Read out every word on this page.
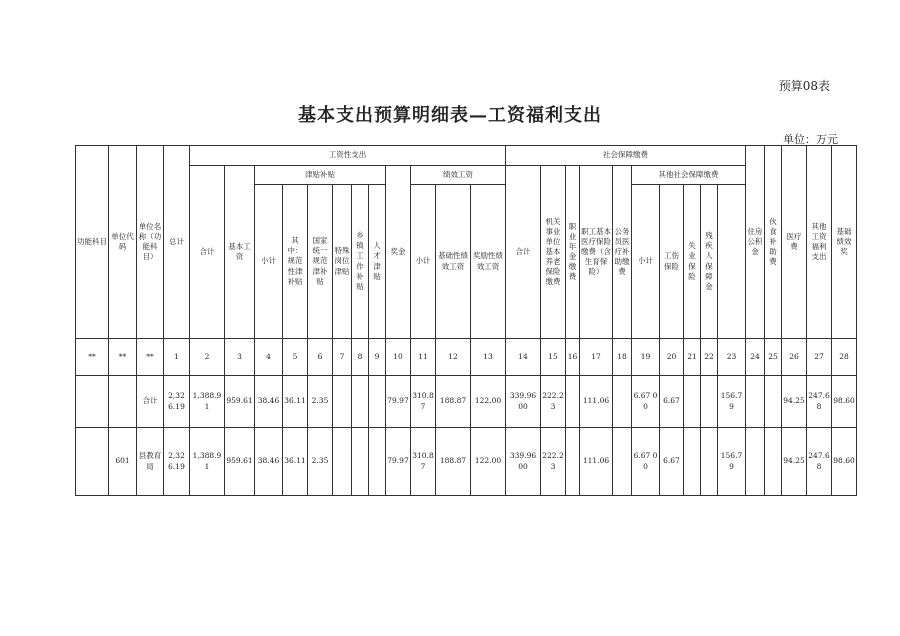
预算08表
基本支出预算明细表—工资福利支出
单位：万元
功能科目	单位代码	单位名称（功能科目）	总计	工资性支出												社会保障缴费										住房公积金	伙食补助费	医疗费	其他工资福利支出	基础绩效奖	
				合计	基本工资	津贴补贴						奖金	绩效工资			合计	机关事业单位基本养老保险缴费	职业年金缴费	职工基本医疗保险缴费（含生育保险）	公务员医疗补助缴费	其他社会保障缴费										
						小计	其中：规范性津补贴	国家统一规范津补贴	特殊岗位津贴	乡镇工作补贴	人才津贴		小计	基础性绩效工资	奖励性绩效工资						小计	工伤保险	失业保险	残疾人保障金							

**	**	**	1	2	3	4	5	6	7	8	9	10	11	12	13	14	15	16	17	18	19	20	21	22	23	24	25	26	27	28	
		合计	2,326.19	1,388.91	959.61	38.46	36.11	2.35				79.97	310.87	188.87	122.00	339.96 00	222.23		111.06		6.67 00	6.67			156.79			94.25	247.68	98.60	
	601	县教育局	2,326.19	1,388.91	959.61	38.46	36.11	2.35				79.97	310.87	188.87	122.00	339.96 00	222.23		111.06		6.67 00	6.67			156.79			94.25	247.68	98.60	
